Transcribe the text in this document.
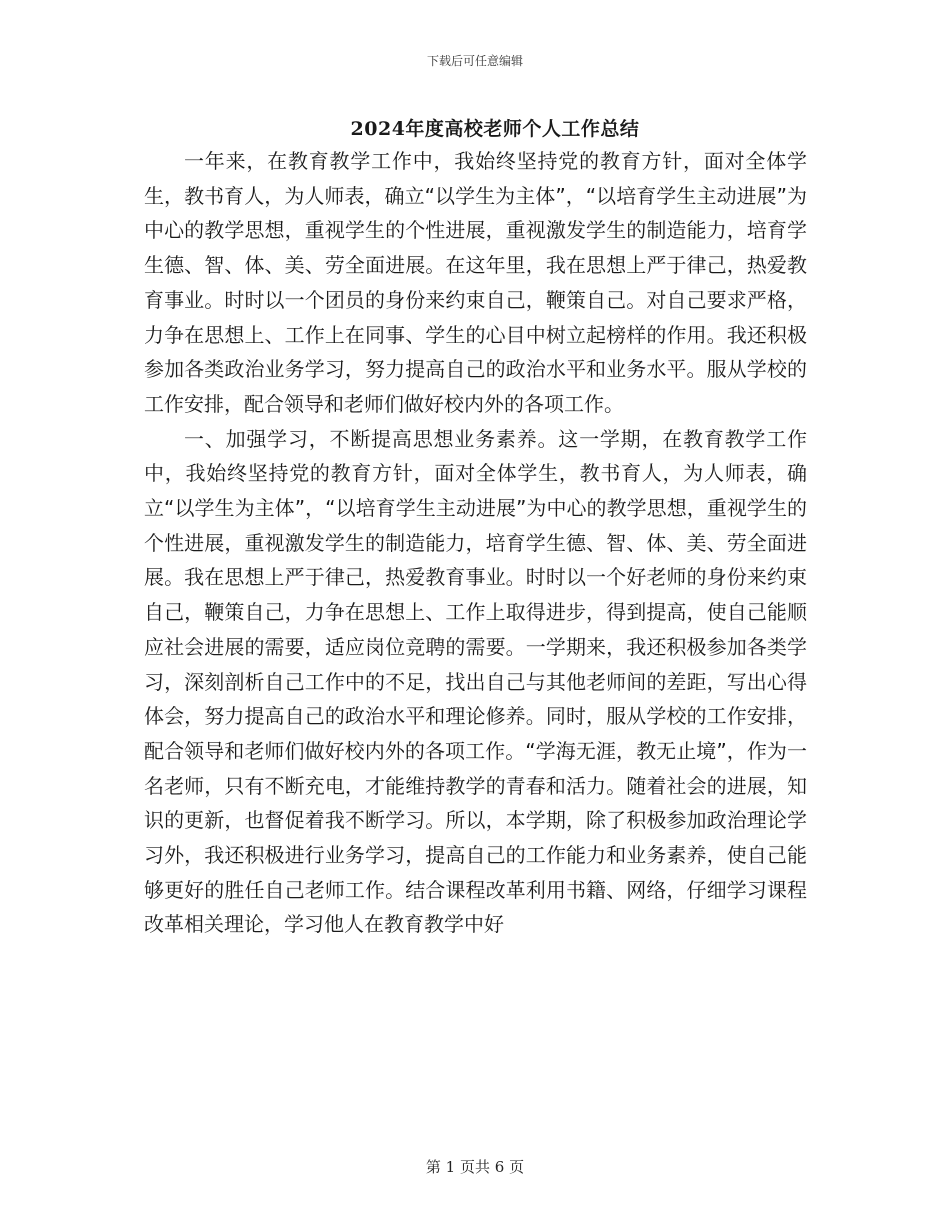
下载后可任意编辑
2024年度高校老师个人工作总结

一年来，在教育教学工作中，我始终坚持党的教育方针，面对全体学生，教书育人，为人师表，确立“以学生为主体”，“以培育学生主动进展”为中心的教学思想，重视学生的个性进展，重视激发学生的制造能力，培育学生德、智、体、美、劳全面进展。在这年里，我在思想上严于律己，热爱教育事业。时时以一个团员的身份来约束自己，鞭策自己。对自己要求严格，力争在思想上、工作上在同事、学生的心目中树立起榜样的作用。我还积极参加各类政治业务学习，努力提高自己的政治水平和业务水平。服从学校的工作安排，配合领导和老师们做好校内外的各项工作。

一、加强学习，不断提高思想业务素养。这一学期，在教育教学工作中，我始终坚持党的教育方针，面对全体学生，教书育人，为人师表，确立“以学生为主体”，“以培育学生主动进展”为中心的教学思想，重视学生的个性进展，重视激发学生的制造能力，培育学生德、智、体、美、劳全面进展。我在思想上严于律己，热爱教育事业。时时以一个好老师的身份来约束自己，鞭策自己，力争在思想上、工作上取得进步，得到提高，使自己能顺应社会进展的需要，适应岗位竞聘的需要。一学期来，我还积极参加各类学习，深刻剖析自己工作中的不足，找出自己与其他老师间的差距，写出心得体会，努力提高自己的政治水平和理论修养。同时，服从学校的工作安排，配合领导和老师们做好校内外的各项工作。“学海无涯，教无止境”，作为一名老师，只有不断充电，才能维持教学的青春和活力。随着社会的进展，知识的更新，也督促着我不断学习。所以，本学期，除了积极参加政治理论学习外，我还积极进行业务学习，提高自己的工作能力和业务素养，使自己能够更好的胜任自己老师工作。结合课程改革利用书籍、网络，仔细学习课程改革相关理论，学习他人在教育教学中好

第 1 页共 6 页
